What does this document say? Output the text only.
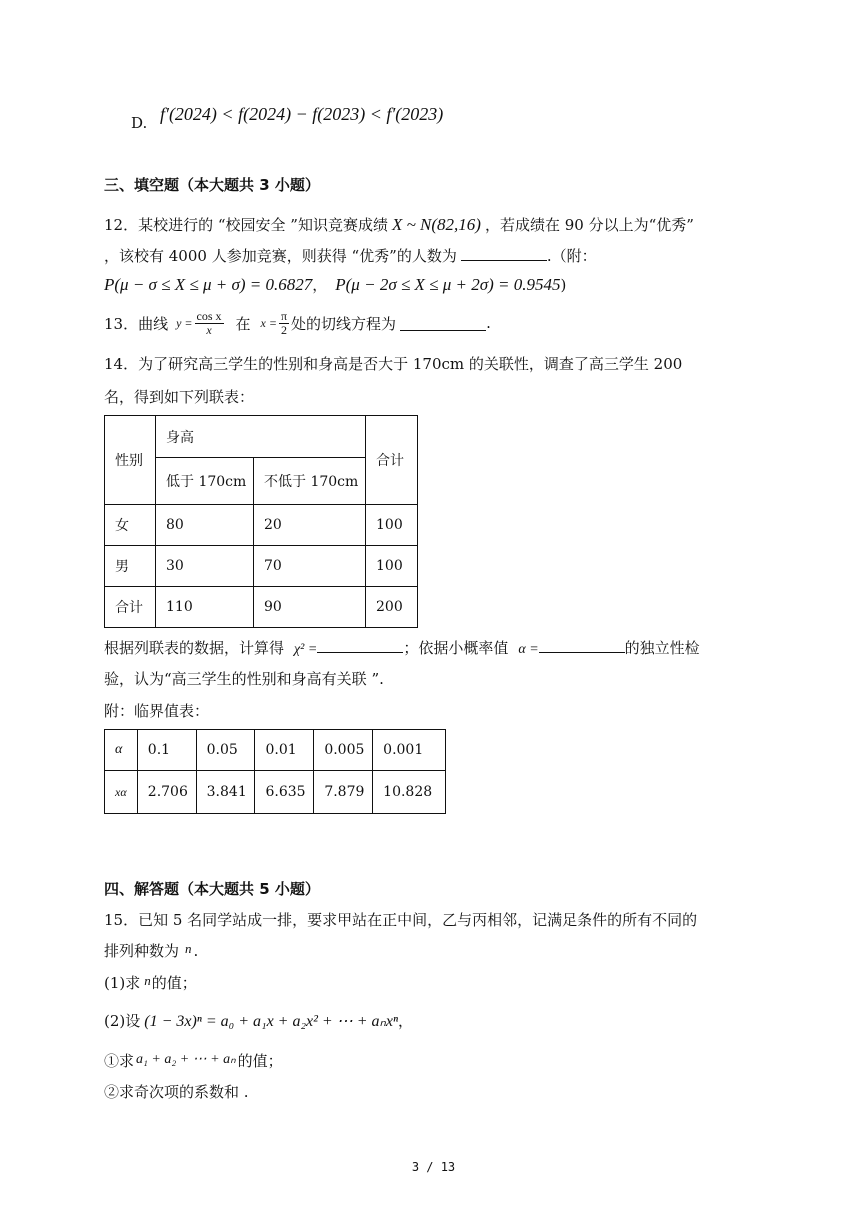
D. f′(2024) < f(2024) − f(2023) < f′(2023)
三、填空题（本大题共 3 小题）
12．某校进行的 “校园安全 ”知识竞赛成绩 X ~ N(82,16) ，若成绩在 90 分以上为“优秀”
，该校有 4000 人参加竞赛，则获得 “优秀”的人数为	.（附：
P(μ − σ ≤ X ≤ μ + σ) = 0.6827， P(μ − 2σ ≤ X ≤ μ + 2σ) = 0.9545)
13．曲线 $y = \frac{\text{cos x}}{x}$ 在 $x = \frac{\pi}{2}$ 处的切线方程为	.
14．为了研究高三学生的性别和身高是否大于 170cm 的关联性，调查了高三学生 200
名，得到如下列联表：
性别	身高		合计
	低于 170cm	不低于 170cm	
女	80	20	100
男	30	70	100
合计	110	90	200
根据列联表的数据，计算得 χ² =	；依据小概率值 α =	的独立性检
验，认为“高三学生的性别和身高有关联 ”.
附：临界值表：
α	0.1	0.05	0.01	0.005	0.001
xα	2.706	3.841	6.635	7.879	10.828
四、解答题（本大题共 5 小题）
15．已知 5 名同学站成一排，要求甲站在正中间，乙与丙相邻，记满足条件的所有不同的
排列种数为 n .
(1)求 n的值；
(2)设 (1 − 3x)ⁿ = a₀ + a₁x + a₂x² + ⋯ + aₙxⁿ，
①求 a₁ + a₂ + ⋯ + aₙ 的值；
②求奇次项的系数和 .
3 / 13
